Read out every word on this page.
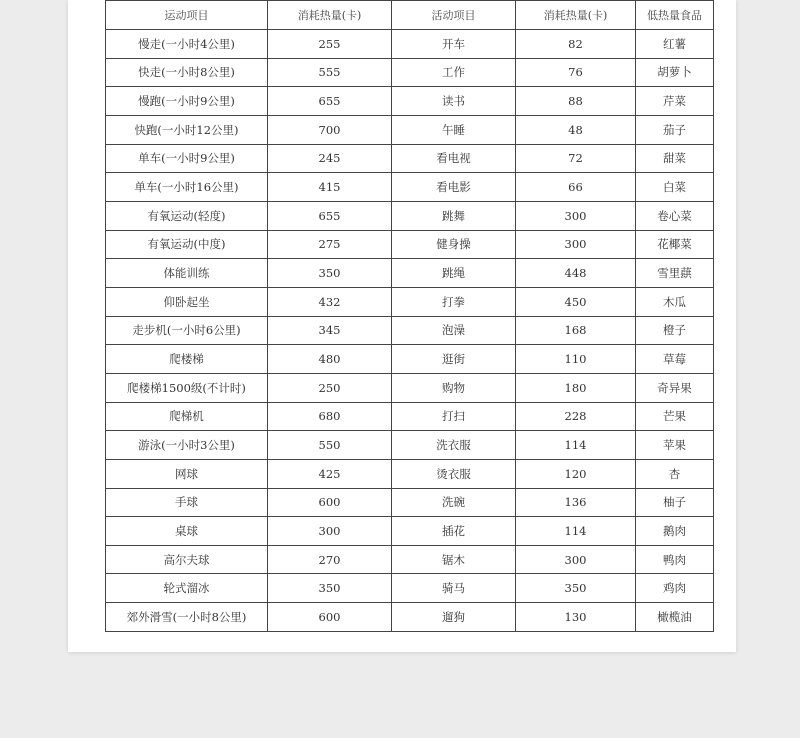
运动项目	消耗热量(卡)	活动项目	消耗热量(卡)	低热量食品
慢走(一小时4公里)	255	开车	82	红薯
快走(一小时8公里)	555	工作	76	胡萝卜
慢跑(一小时9公里)	655	读书	88	芹菜
快跑(一小时12公里)	700	午睡	48	茄子
单车(一小时9公里)	245	看电视	72	甜菜
单车(一小时16公里)	415	看电影	66	白菜
有氧运动(轻度)	655	跳舞	300	卷心菜
有氧运动(中度)	275	健身操	300	花椰菜
体能训练	350	跳绳	448	雪里蕻
仰卧起坐	432	打拳	450	木瓜
走步机(一小时6公里)	345	泡澡	168	橙子
爬楼梯	480	逛街	110	草莓
爬楼梯1500级(不计时)	250	购物	180	奇异果
爬梯机	680	打扫	228	芒果
游泳(一小时3公里)	550	洗衣服	114	苹果
网球	425	烫衣服	120	杏
手球	600	洗碗	136	柚子
桌球	300	插花	114	鹅肉
高尔夫球	270	锯木	300	鸭肉
轮式溜冰	350	骑马	350	鸡肉
郊外滑雪(一小时8公里)	600	遛狗	130	橄榄油
